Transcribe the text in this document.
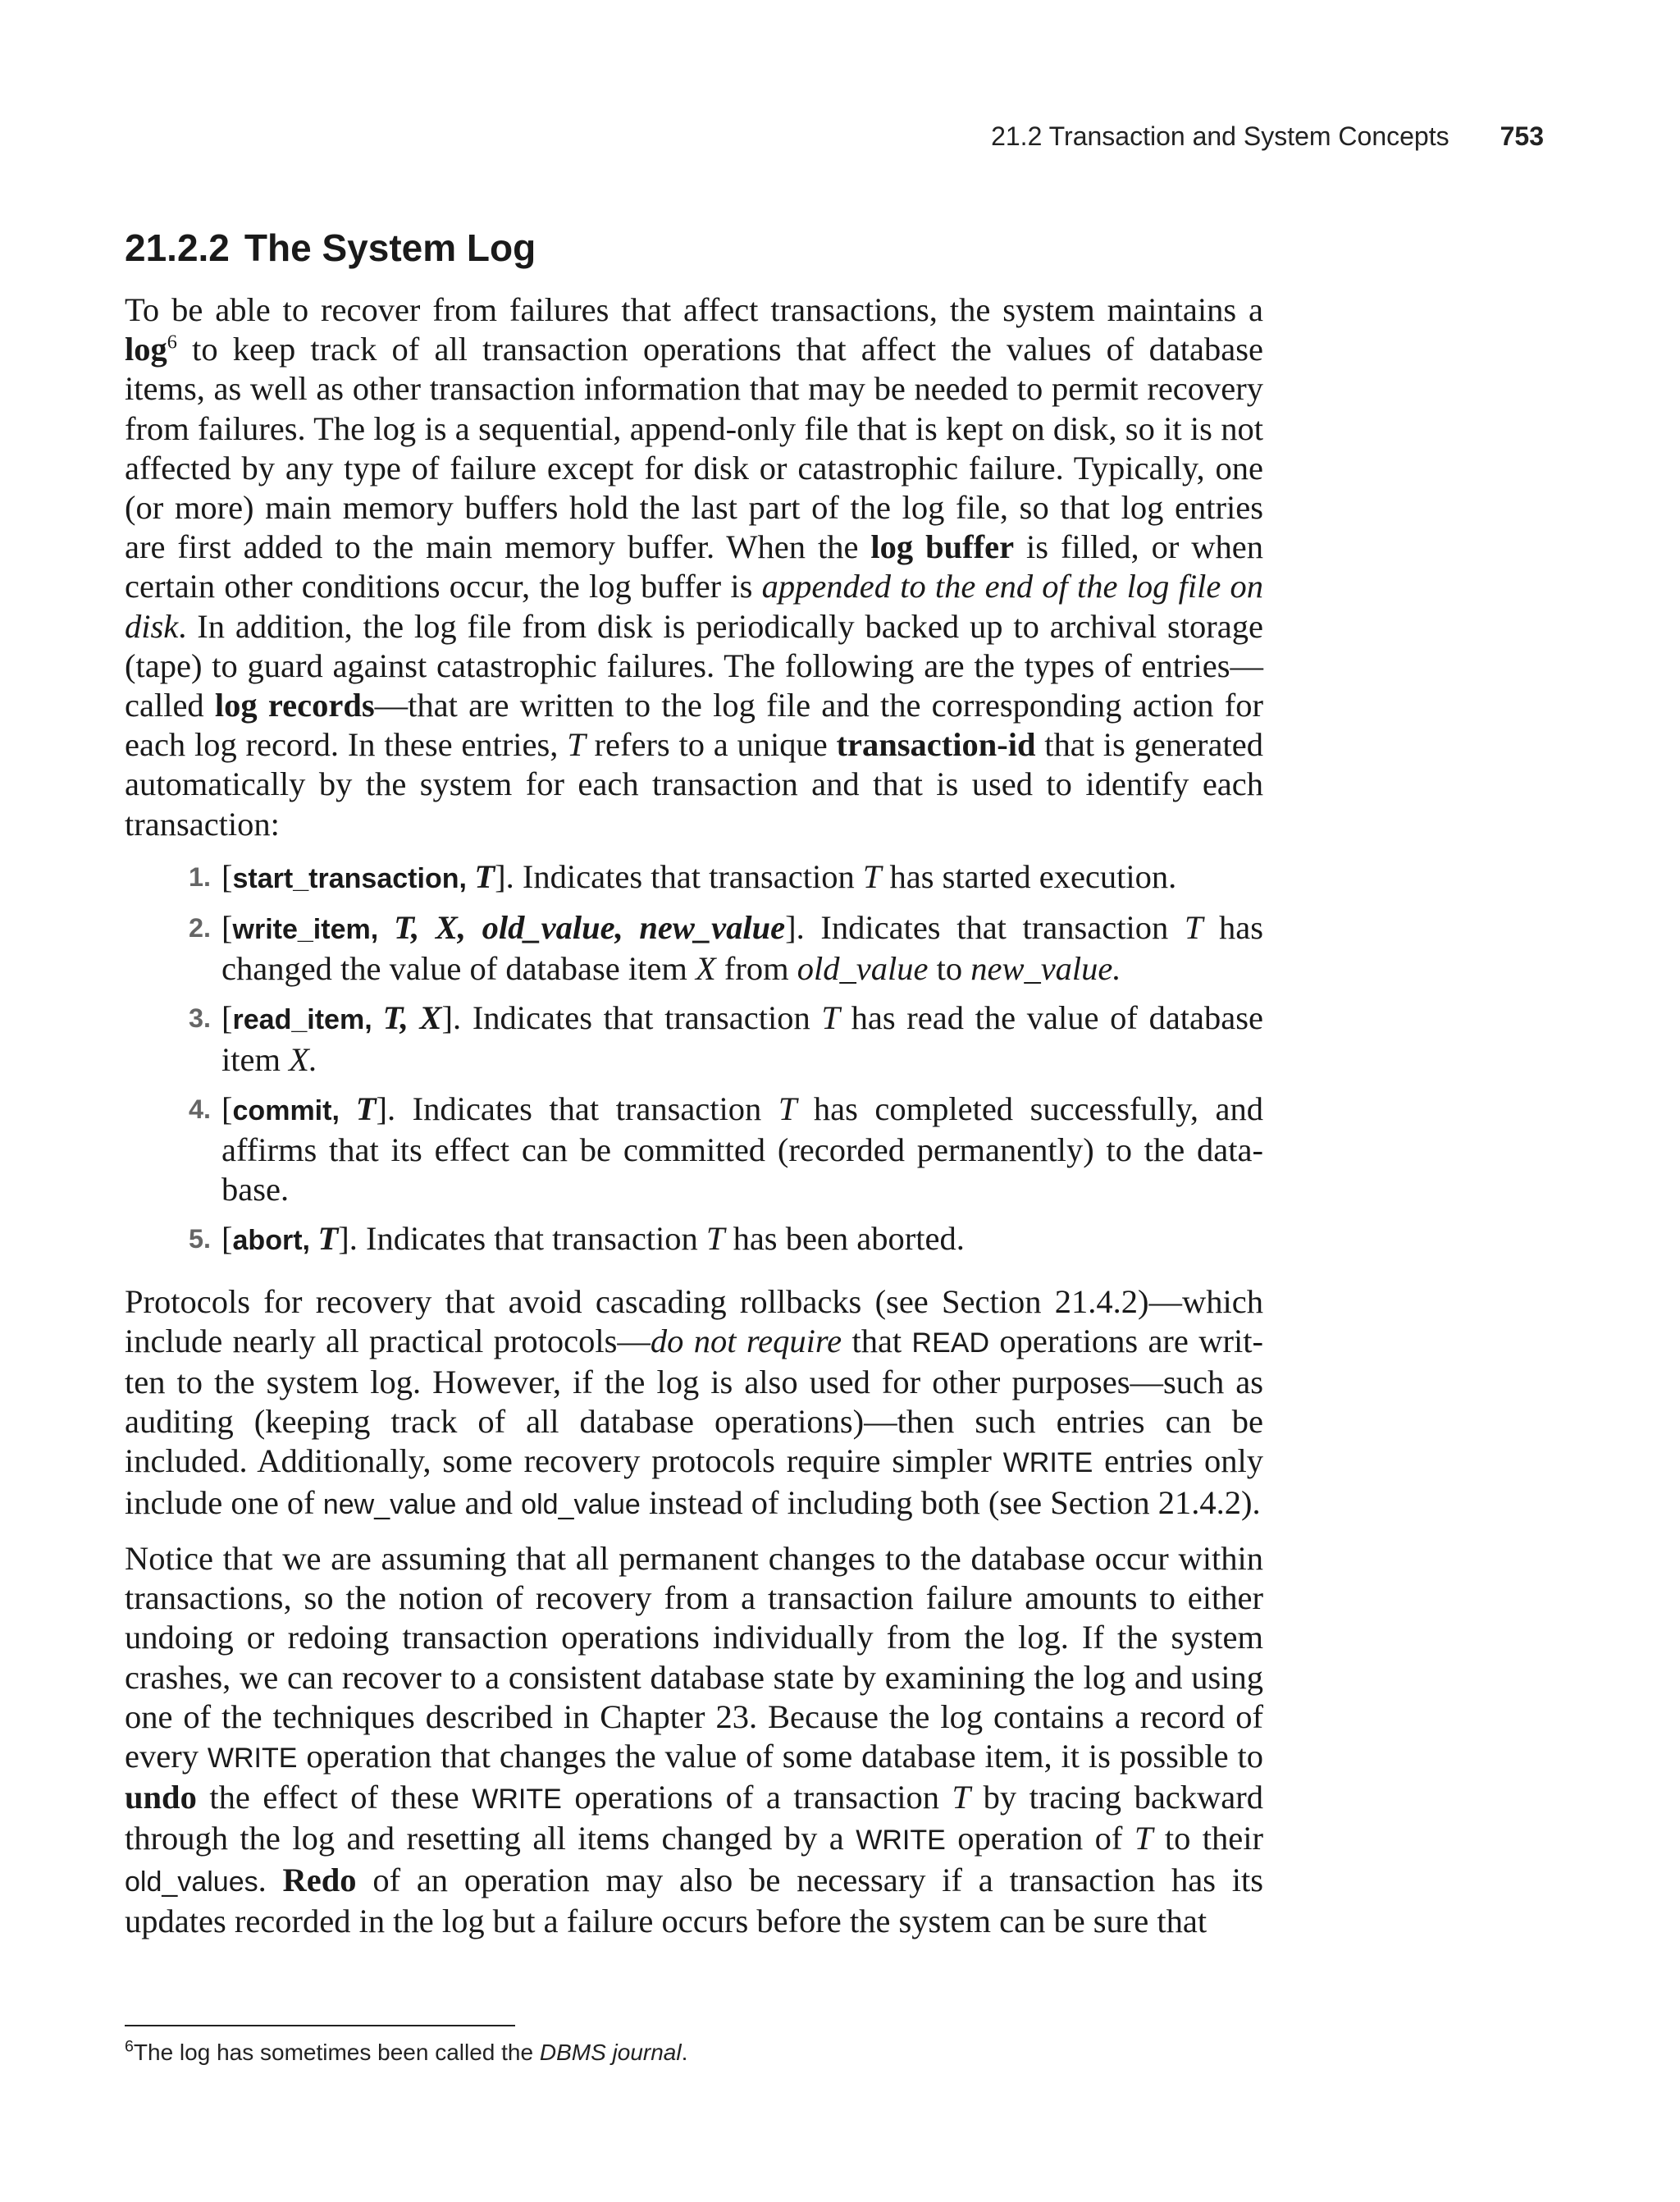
21.2 Transaction and System Concepts 753
21.2.2 The System Log

To be able to recover from failures that affect transactions, the system maintains a $\log^6$ to keep track of all transaction operations that affect the values of database items, as well as other transaction information that may be needed to permit recovery from failures. The log is a sequential, append-only file that is kept on disk, so it is not affected by any type of failure except for disk or catastrophic failure. Typically, one (or more) main memory buffers hold the last part of the log file, so that log entries are first added to the main memory buffer. When the log buffer is filled, or when certain other conditions occur, the log buffer is appended to the end of the log file on disk. In addition, the log file from disk is periodically backed up to archival storage (tape) to guard against catastrophic failures. The following are the types of entries—called log records—that are written to the log file and the corresponding action for each log record. In these entries, T refers to a unique transaction-id that is generated automatically by the system for each transaction and that is used to identify each transaction:

1. [start_transaction, T]. Indicates that transaction T has started execution.
2. [write_item, T, X, old_value, new_value]. Indicates that transaction T has changed the value of database item X from old_value to new_value.
3. [read_item, T, X]. Indicates that transaction T has read the value of database item X.
4. [commit, T]. Indicates that transaction T has completed successfully, and affirms that its effect can be committed (recorded permanently) to the database.
5. [abort, T]. Indicates that transaction T has been aborted.

Protocols for recovery that avoid cascading rollbacks (see Section 21.4.2)—which include nearly all practical protocols—do not require that READ operations are written to the system log. However, if the log is also used for other purposes—such as auditing (keeping track of all database operations)—then such entries can be included. Additionally, some recovery protocols require simpler WRITE entries only include one of new_value and old_value instead of including both (see Section 21.4.2).

Notice that we are assuming that all permanent changes to the database occur within transactions, so the notion of recovery from a transaction failure amounts to either undoing or redoing transaction operations individually from the log. If the system crashes, we can recover to a consistent database state by examining the log and using one of the techniques described in Chapter 23. Because the log contains a record of every WRITE operation that changes the value of some database item, it is possible to undo the effect of these WRITE operations of a transaction T by tracing backward through the log and resetting all items changed by a WRITE operation of T to their old_values. Redo of an operation may also be necessary if a transaction has its updates recorded in the log but a failure occurs before the system can be sure that

$^6$The log has sometimes been called the DBMS journal.
